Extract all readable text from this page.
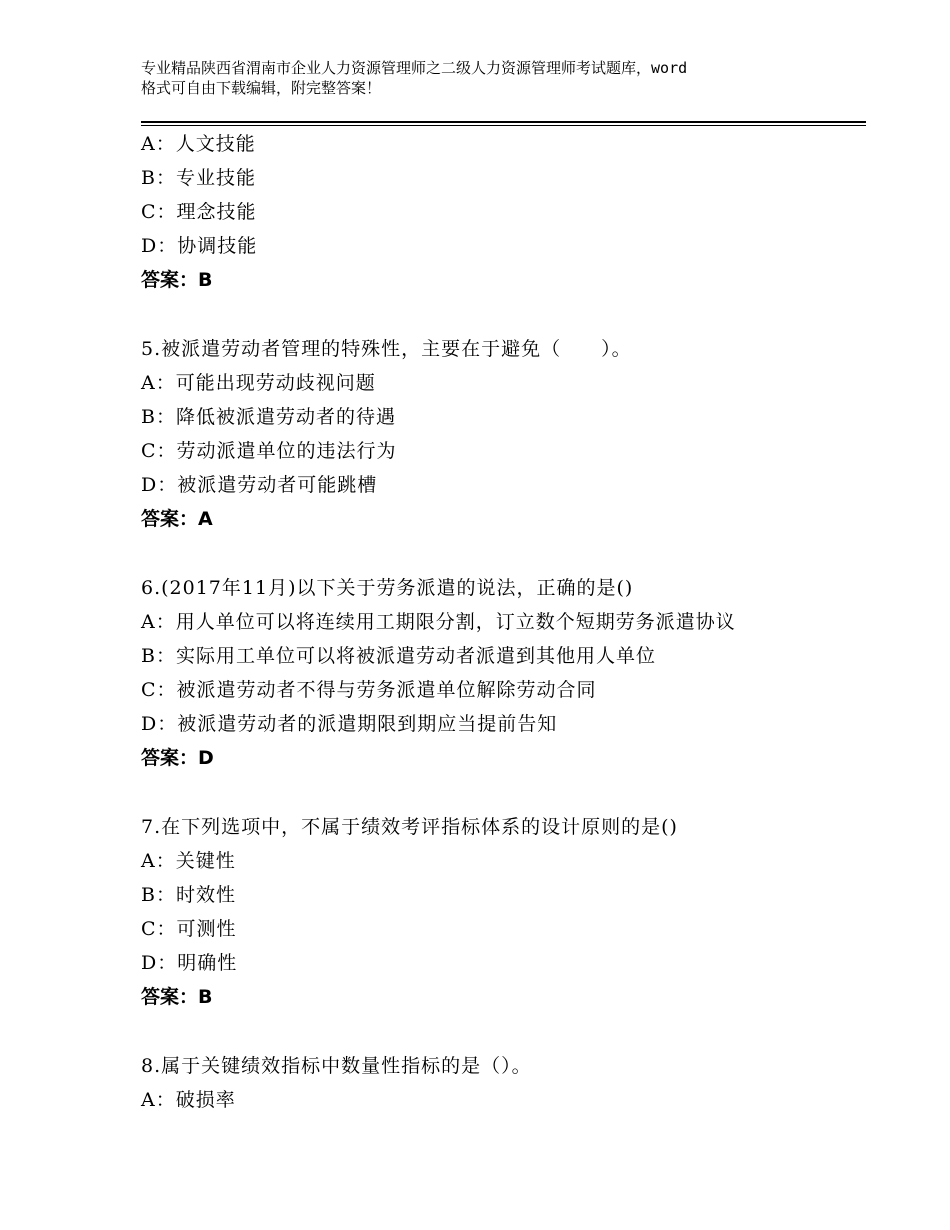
专业精品陕西省渭南市企业人力资源管理师之二级人力资源管理师考试题库，word
格式可自由下载编辑，附完整答案！
A：人文技能
B：专业技能
C：理念技能
D：协调技能
答案：B
5.被派遣劳动者管理的特殊性，主要在于避免（　　）。
A：可能出现劳动歧视问题
B：降低被派遣劳动者的待遇
C：劳动派遣单位的违法行为
D：被派遣劳动者可能跳槽
答案：A
6.(2017年11月)以下关于劳务派遣的说法，正确的是()
A：用人单位可以将连续用工期限分割，订立数个短期劳务派遣协议
B：实际用工单位可以将被派遣劳动者派遣到其他用人单位
C：被派遣劳动者不得与劳务派遣单位解除劳动合同
D：被派遣劳动者的派遣期限到期应当提前告知
答案：D
7.在下列选项中，不属于绩效考评指标体系的设计原则的是()
A：关键性
B：时效性
C：可测性
D：明确性
答案：B
8.属于关键绩效指标中数量性指标的是（）。
A：破损率
